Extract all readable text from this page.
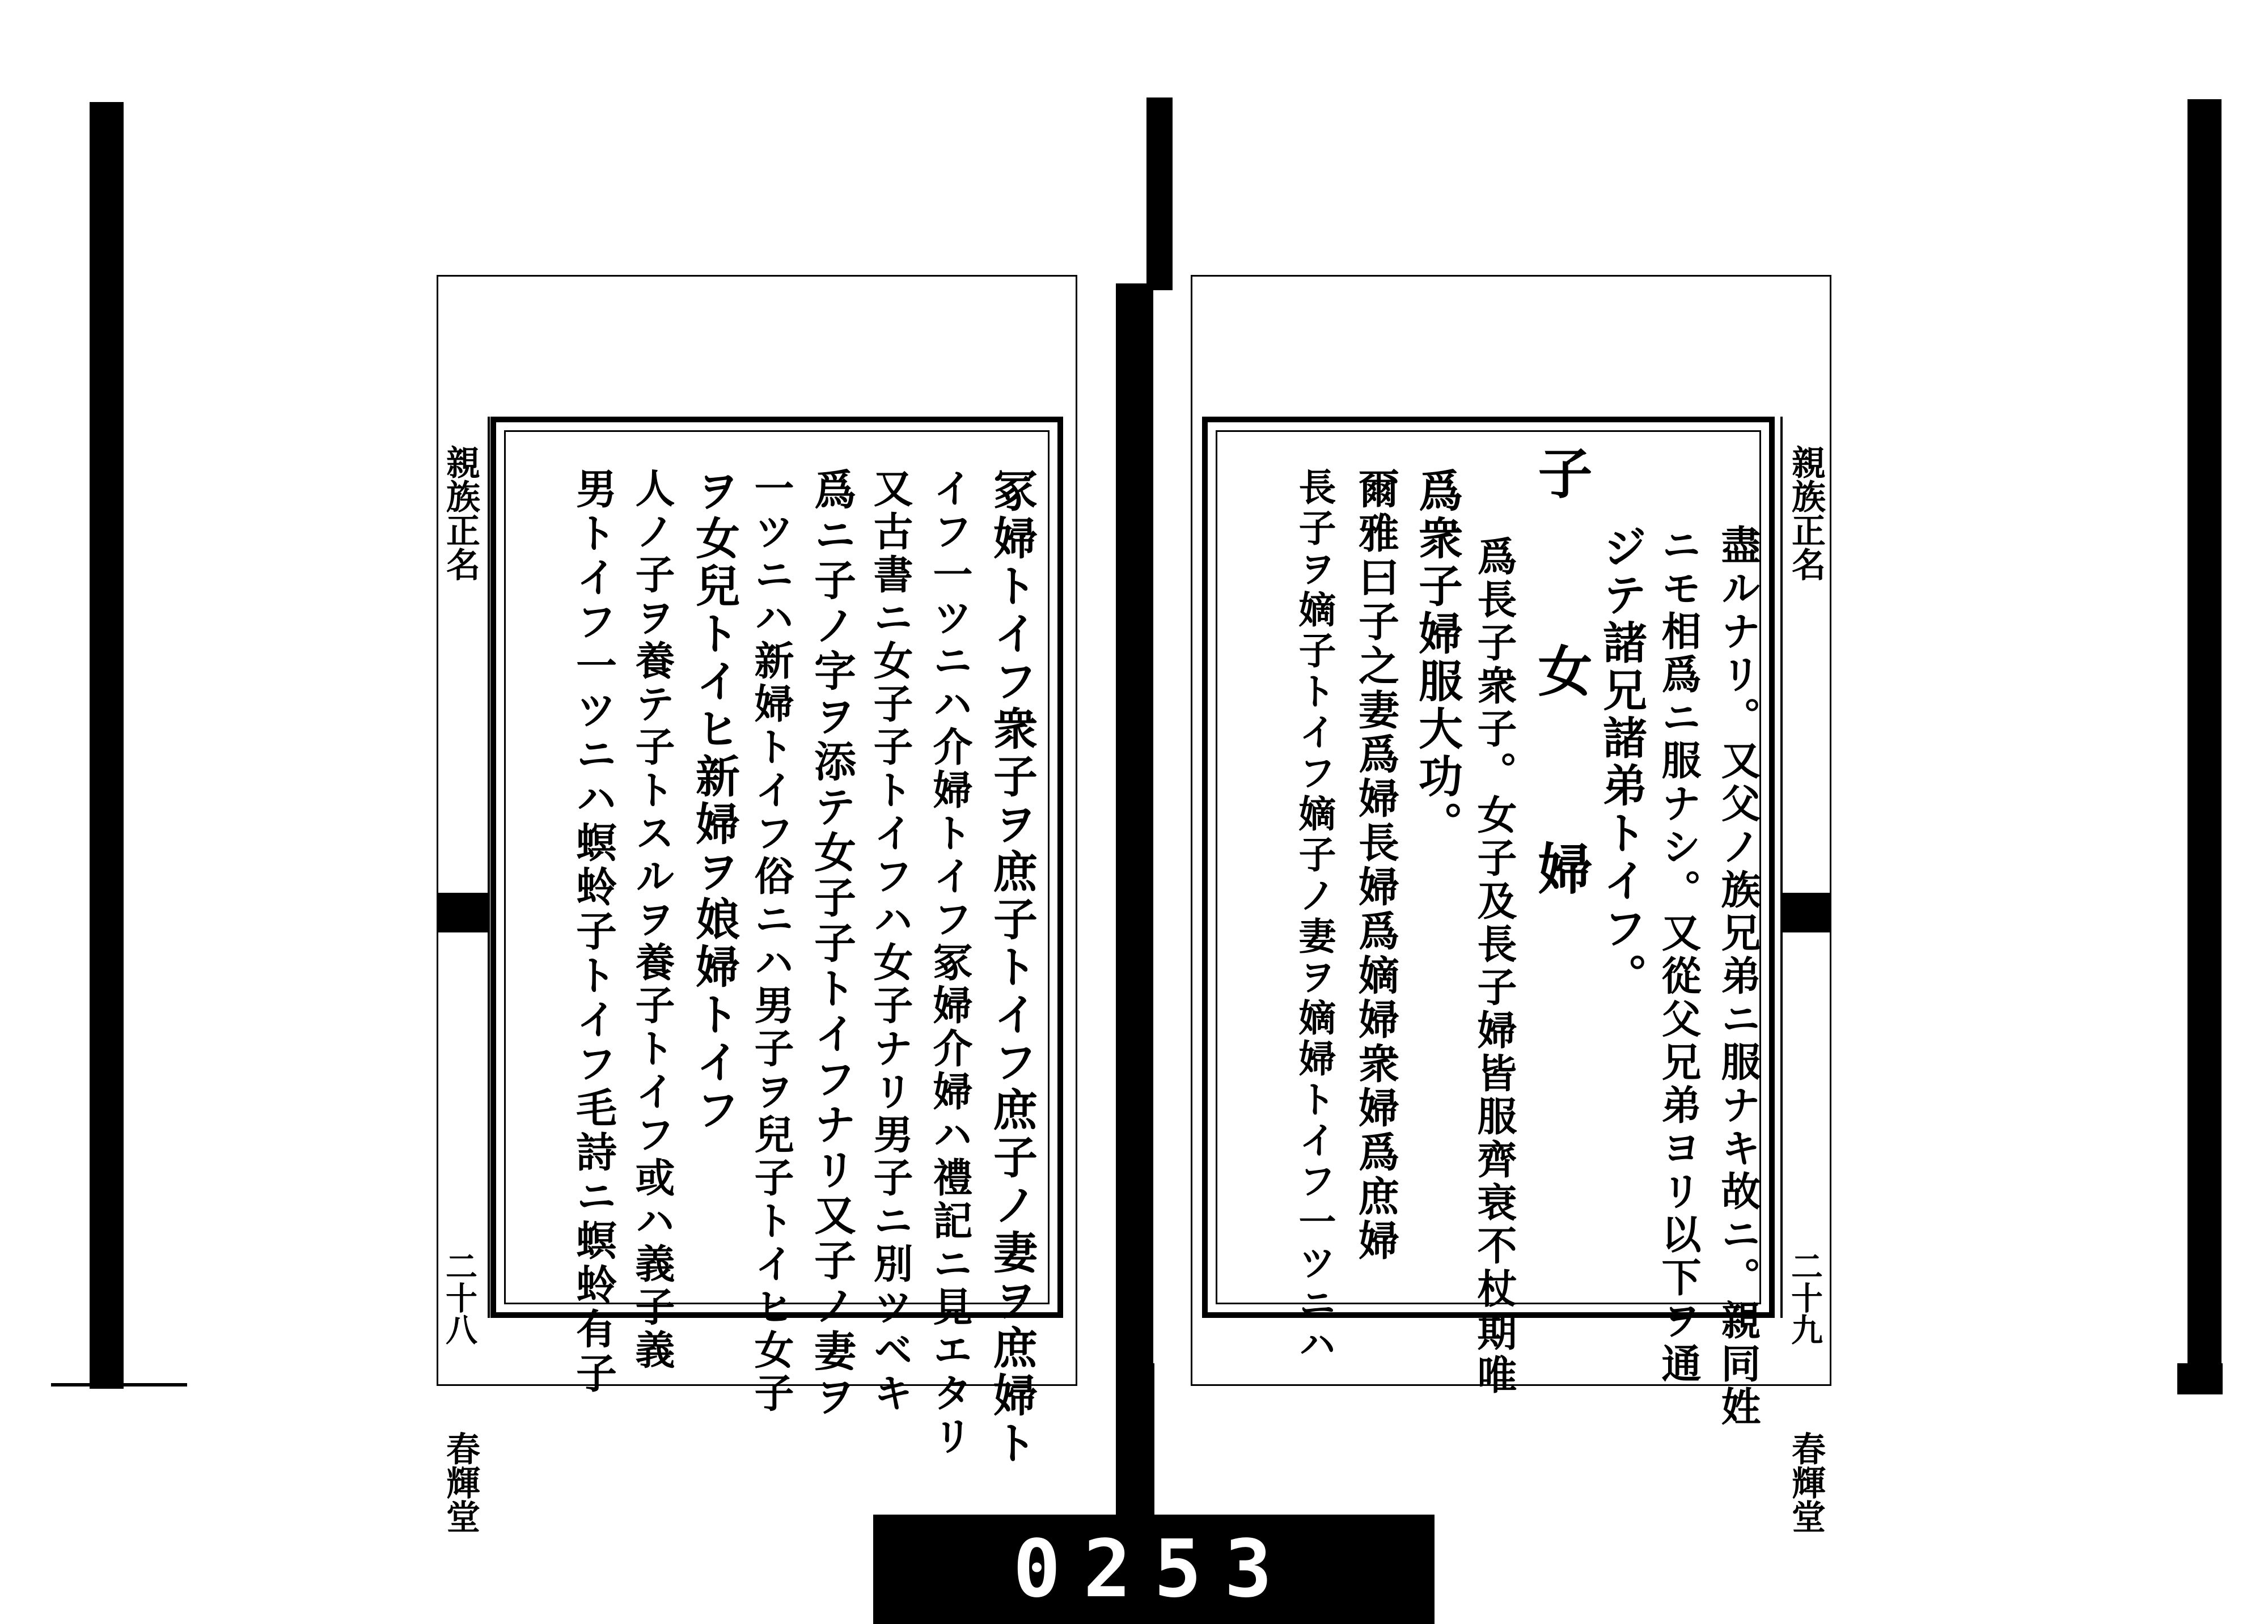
親族正名
二十八
春輝堂
冢婦トイフ衆子ヲ庶子トイフ庶子ノ妻ヲ庶婦ト
イフ一ツニハ介婦トイフ冢婦介婦ハ禮記ニ見エタリ
又古書ニ女子子トイフハ女子ナリ男子ニ別ツベキ
爲ニ子ノ字ヲ添テ女子子トイフナリ又子ノ妻ヲ
一ツニハ新婦トイフ俗ニハ男子ヲ兒子トイヒ女子
ヲ女兒トイヒ新婦ヲ娘婦トイフ
人ノ子ヲ養テ子トスルヲ養子トイフ或ハ義子義
男トイフ一ツニハ螟蛉子トイフ毛詩ニ螟蛉有子	親族正名
二十九
春輝堂
盡ルナリ。又父ノ族兄弟ニ服ナキ故ニ。親同姓
ニモ相爲ニ服ナシ。又從父兄弟ヨリ以下ヲ通
ジテ諸兄諸弟トイフ。
子 女 婦
爲長子衆子。女子及長子婦皆服齊衰不杖期唯
爲衆子婦服大功。
爾雅曰子之妻爲婦長婦爲嫡婦衆婦爲庶婦
長子ヲ嫡子トイフ嫡子ノ妻ヲ嫡婦トイフ一ツニハ
0253
